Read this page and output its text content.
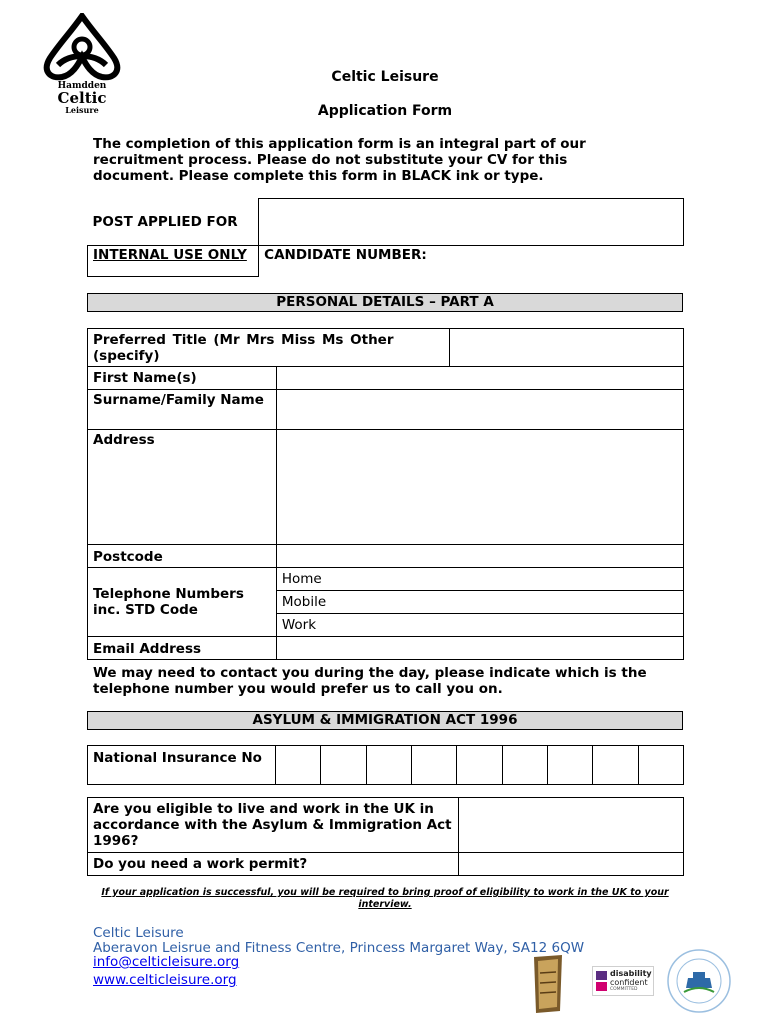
Hamdden
Celtic
Leisure
Celtic Leisure
Application Form
The completion of this application form is an integral part of our recruitment process. Please do not substitute your CV for this document. Please complete this form in BLACK ink or type.
POST APPLIED FOR	
INTERNAL USE ONLY	CANDIDATE NUMBER:
PERSONAL DETAILS – PART A
Preferred Title (Mr Mrs Miss Ms Other (specify)	
First Name(s)	
Surname/Family Name	
Address	
Postcode	
Telephone Numbers inc. STD Code	Home
	Mobile
	Work
Email Address	
We may need to contact you during the day, please indicate which is the telephone number you would prefer us to call you on.
ASYLUM & IMMIGRATION ACT 1996
National Insurance No									
Are you eligible to live and work in the UK in accordance with the Asylum & Immigration Act 1996?	
Do you need a work permit?	
If your application is successful, you will be required to bring proof of eligibility to work in the UK to your interview.
Celtic Leisure
Aberavon Leisrue and Fitness Centre, Princess Margaret Way, SA12 6QW
info@celticleisure.org
www.celticleisure.org	disability
confident
COMMITTED
